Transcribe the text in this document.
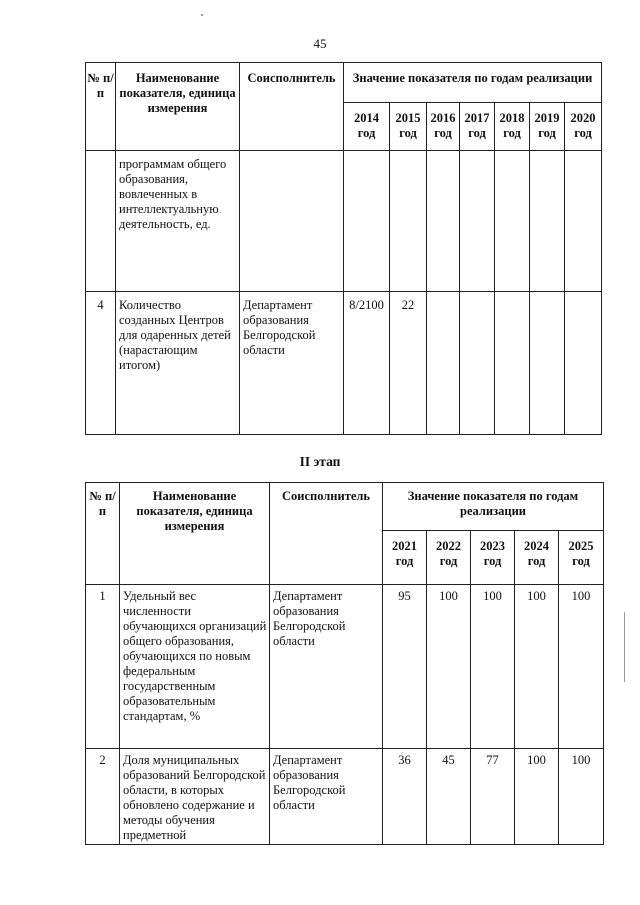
45
№ п/п	Наименование показателя, единица измерения	Соисполнитель	Значение показателя по годам реализации						

			2014
год	2015
год	2016
год	2017
год	2018
год	2019
год	2020
год

	программам общего образования, вовлеченных в интеллектуальную деятельность, ед.								
4	Количество созданных Центров для одаренных детей (нарастающим итогом)	Департамент образования Белгородской области	8/2100	22					
II этап
№ п/п	Наименование показателя, единица измерения	Соисполнитель	Значение показателя по годам реализации				

			2021
год	2022
год	2023
год	2024
год	2025
год

1	Удельный вес численности обучающихся организаций общего образования, обучающихся по новым федеральным государственным образовательным стандартам, %	Департамент образования Белгородской области	95	100	100	100	100
2	Доля муниципальных образований Белгородской области, в которых обновлено содержание и методы обучения предметной	Департамент образования Белгородской области	36	45	77	100	100
